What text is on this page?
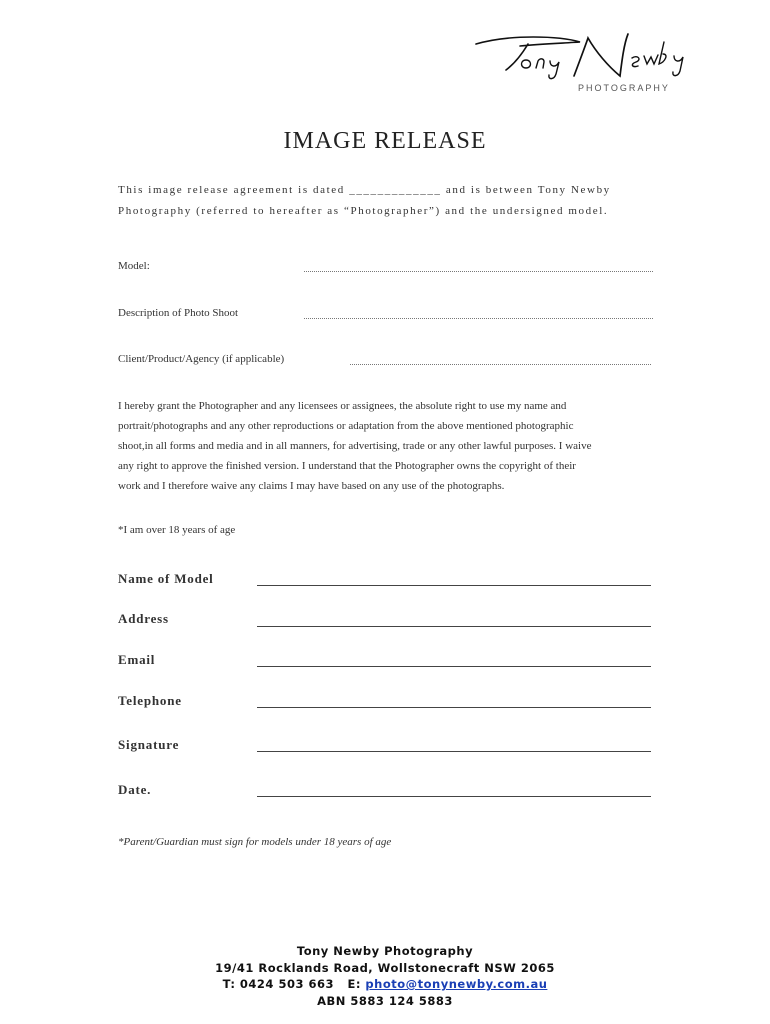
PHOTOGRAPHY
IMAGE RELEASE
This image release agreement is dated _____________ and is between Tony Newby
Photography (referred to hereafter as “Photographer”) and the undersigned model.
Model:
Description of Photo Shoot
Client/Product/Agency (if applicable)
I hereby grant the Photographer and any licensees or assignees, the absolute right to use my name and
portrait/photographs and any other reproductions or adaptation from the above mentioned photographic
shoot,in all forms and media and in all manners, for advertising, trade or any other lawful purposes. I waive
any right to approve the finished version. I understand that the Photographer owns the copyright of their
work and I therefore waive any claims I may have based on any use of the photographs.
*I am over 18 years of age
Name of Model
Address
Email
Telephone
Signature
Date.
*Parent/Guardian must sign for models under 18 years of age
Tony Newby Photography
19/41 Rocklands Road, Wollstonecraft NSW 2065
T: 0424 503 663   E: photo@tonynewby.com.au
ABN 5883 124 5883
